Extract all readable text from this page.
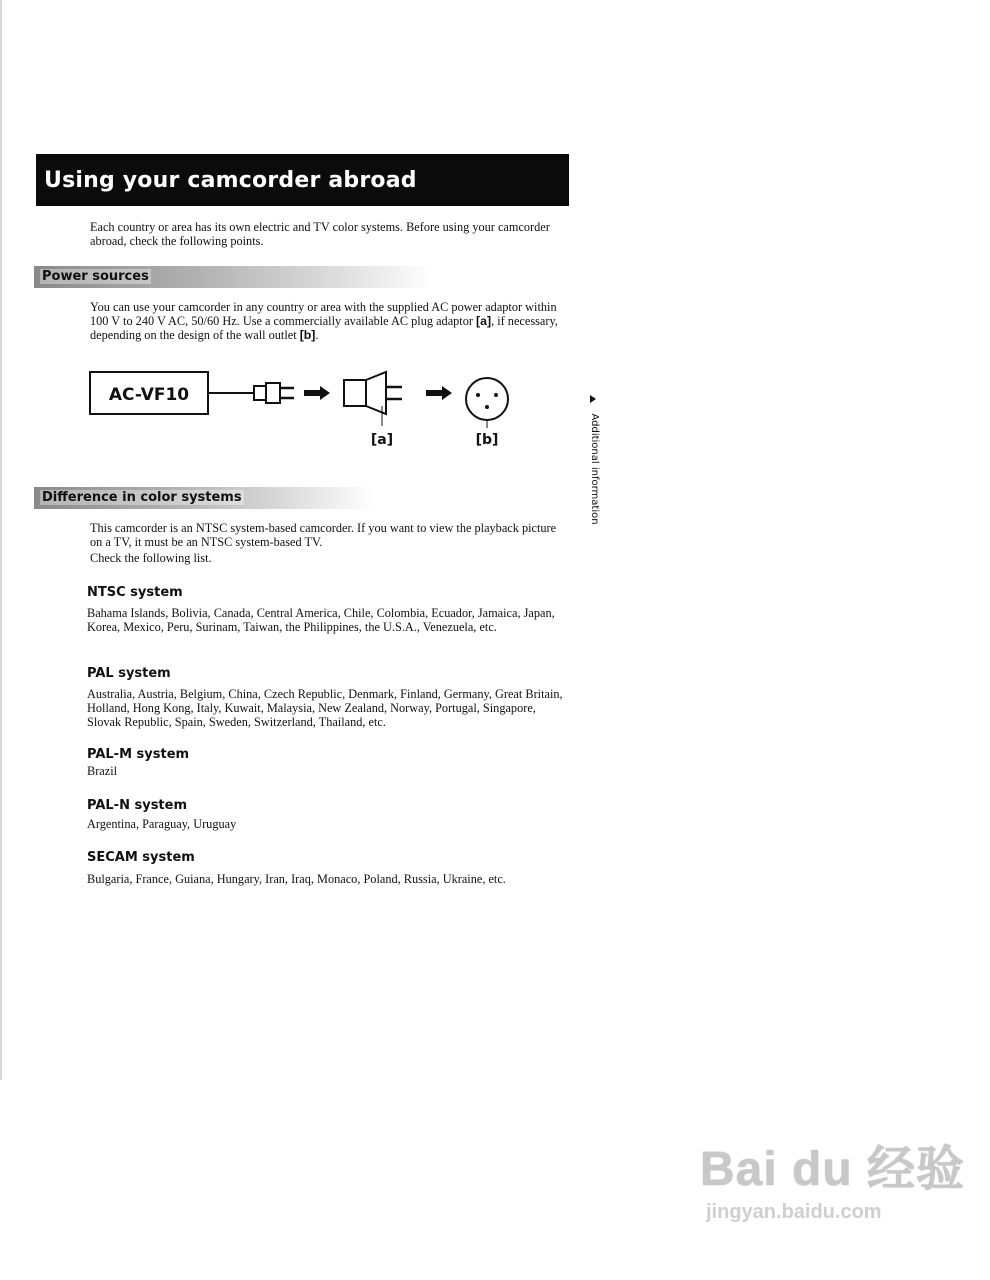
Using your camcorder abroad
Each country or area has its own electric and TV color systems. Before using your camcorder abroad, check the following points.
Power sources
You can use your camcorder in any country or area with the supplied AC power adaptor within 100 V to 240 V AC, 50/60 Hz. Use a commercially available AC plug adaptor [a], if necessary, depending on the design of the wall outlet [b].
AC-VF10
[a]	[b]
Difference in color systems
This camcorder is an NTSC system-based camcorder. If you want to view the playback picture on a TV, it must be an NTSC system-based TV.
Check the following list.
NTSC system
Bahama Islands, Bolivia, Canada, Central America, Chile, Colombia, Ecuador, Jamaica, Japan, Korea, Mexico, Peru, Surinam, Taiwan, the Philippines, the U.S.A., Venezuela, etc.
PAL system
Australia, Austria, Belgium, China, Czech Republic, Denmark, Finland, Germany, Great Britain, Holland, Hong Kong, Italy, Kuwait, Malaysia, New Zealand, Norway, Portugal, Singapore, Slovak Republic, Spain, Sweden, Switzerland, Thailand, etc.
PAL-M system
Brazil
PAL-N system
Argentina, Paraguay, Uruguay
SECAM system
Bulgaria, France, Guiana, Hungary, Iran, Iraq, Monaco, Poland, Russia, Ukraine, etc.
Additional information
Bai du 经验
jingyan.baidu.com
